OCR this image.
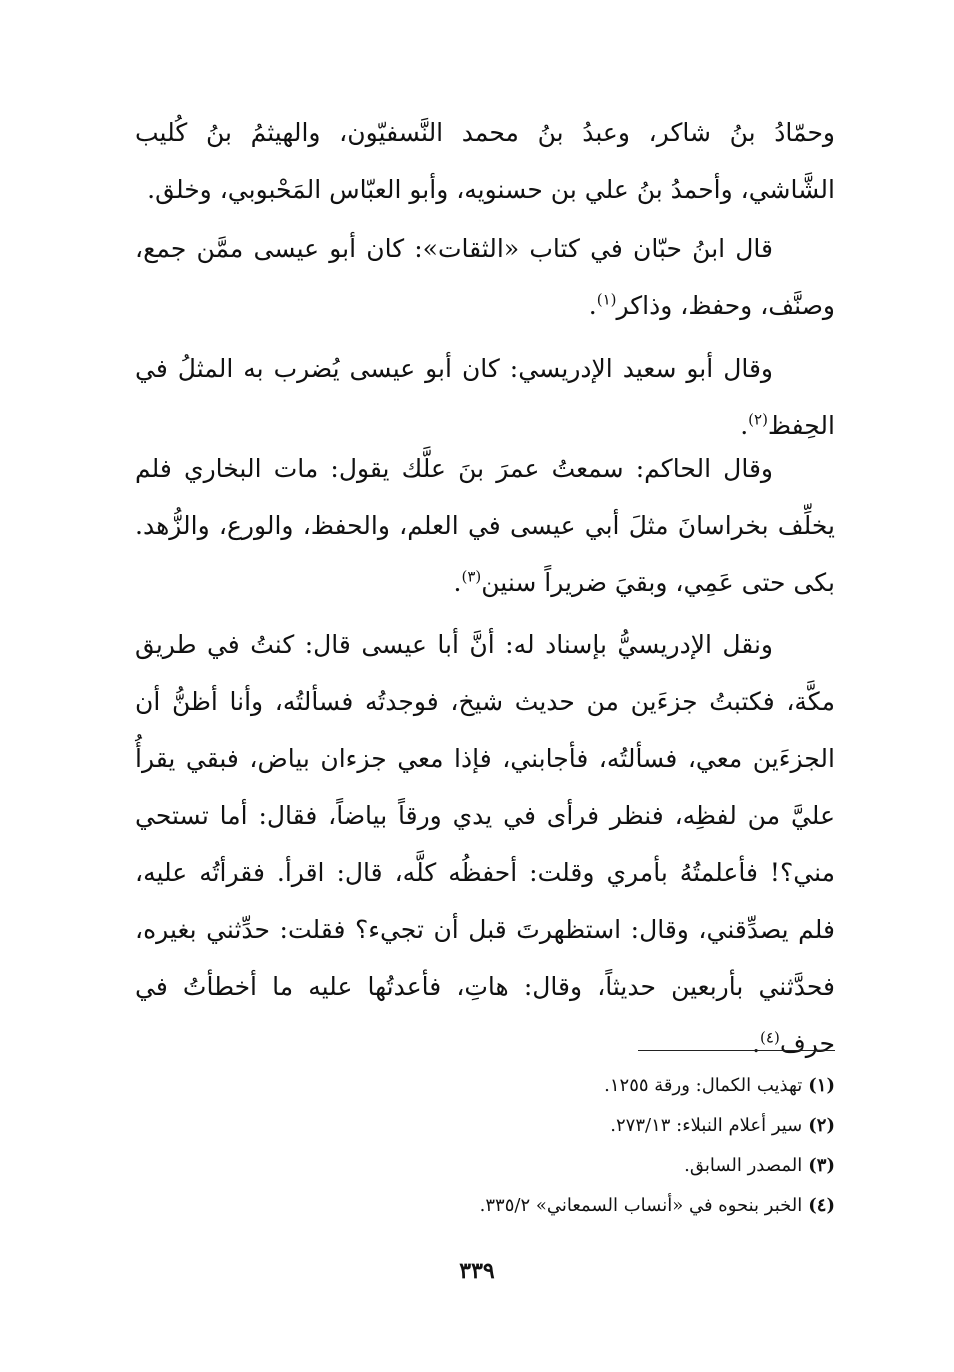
وحمّادُ بنُ شاكر، وعبدُ بنُ محمد النَّسفيّون، والهيثمُ بنُ كُليب الشَّاشي، وأحمدُ بنُ علي بن حسنويه، وأبو العبّاس المَحْبوبي، وخلق.

قال ابنُ حبّان في كتاب «الثقات»: كان أبو عيسى ممَّن جمع، وصنَّف، وحفظ، وذاكر$^{(١)}$.

وقال أبو سعيد الإدريسي: كان أبو عيسى يُضرب به المثلُ في الحِفظ$^{(٢)}$.

وقال الحاكم: سمعتُ عمرَ بنَ علَّك يقول: مات البخاري فلم يخلِّف بخراسانَ مثلَ أبي عيسى في العلم، والحفظ، والورع، والزُّهد. بكى حتى عَمِي، وبقيَ ضريراً سنين$^{(٣)}$.

ونقل الإدريسيُّ بإسناد له: أنَّ أبا عيسى قال: كنتُ في طريق مكَّة، فكتبتُ جزءَين من حديث شيخ، فوجدتُه فسألتُه، وأنا أظنُّ أن الجزءَين معي، فسألتُه، فأجابني، فإذا معي جزءان بياض، فبقي يقرأُ عليَّ من لفظِه، فنظر فرأى في يدي ورقاً بياضاً، فقال: أما تستحي مني؟! فأعلمتُهُ بأمري وقلت: أحفظُه كلَّه، قال: اقرأ. فقرأتُه عليه، فلم يصدِّقني، وقال: استظهرتَ قبل أن تجيء؟ فقلت: حدِّثني بغيره، فحدَّثني بأربعين حديثاً، وقال: هاتِ، فأعدتُها عليه ما أخطأتُ في حرف$^{(٤)}$.

(١)تهذيب الكمال: ورقة ١٢٥٥.
(٢)سير أعلام النبلاء: ٢٧٣/١٣.
(٣)المصدر السابق.
(٤)الخبر بنحوه في «أنساب السمعاني» ٣٣٥/٢.
٣٣٩
